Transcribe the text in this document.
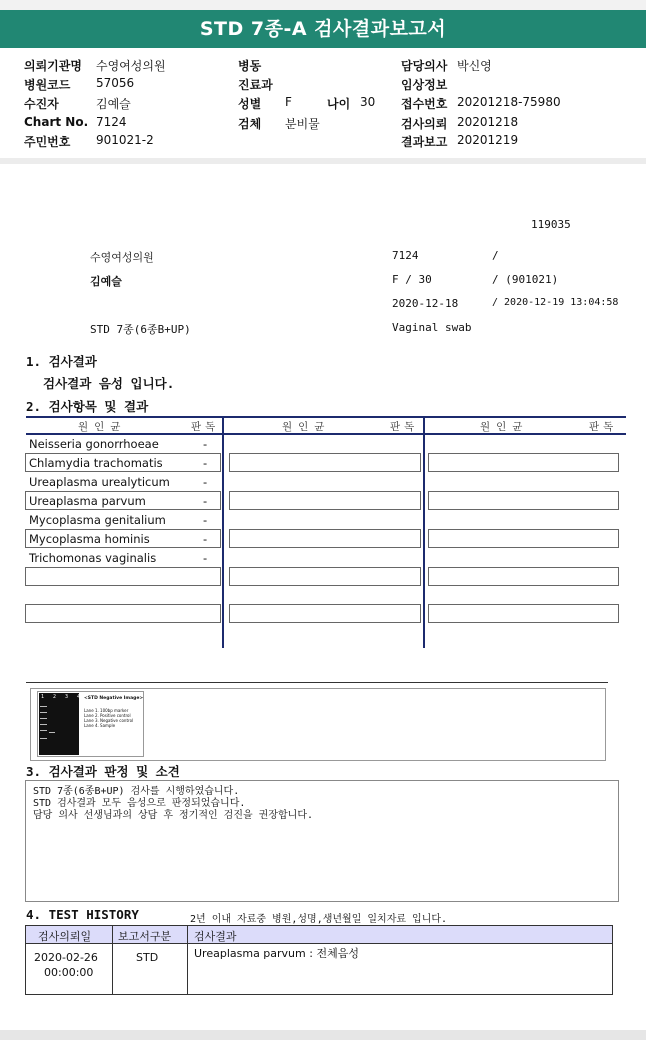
STD 7종-A 검사결과보고서
의뢰기관명 수영여성의원	병동	담당의사 박신영
병원코드 57056	진료과	임상정보
수진자	김예슬	성별 F	나이 30 접수번호 20201218-75980
Chart No. 7124	검체 분비물	검사의뢰 20201218
주민번호 901021-2	결과보고 20201219
119035
수영여성의원	7124	/
김예슬	F / 30	/ (901021)
2020-12-18	/ 2020-12-19 13:04:58
STD 7종(6종B+UP)	Vaginal swab
1. 검사결과
검사결과 음성 입니다.
2. 검사항목 및 결과
원인균	판독	원인균	판독	원인균	판독
Neisseria gonorrhoeae	-
Chlamydia trachomatis	-
Ureaplasma urealyticum	-
Ureaplasma parvum	-
Mycoplasma genitalium	-
Mycoplasma hominis	-
Trichomonas vaginalis	-
1 2 3 4 <STD Negative Image>
Lane 1. 100bp marker
Lane 2. Positive control
Lane 3. Negative control
Lane 4. Sample
3. 검사결과 판정 및 소견
STD 7종(6종B+UP) 검사를 시행하였습니다.
STD 검사결과 모두 음성으로 판정되었습니다.
담당 의사 선생님과의 상담 후 정기적인 검진을 권장합니다.
4. TEST HISTORY	2년 이내 자료중 병원,성명,생년월일 일치자료 입니다.
검사의뢰일 보고서구분 검사결과
2020-02-26
00:00:00
STD	Ureaplasma parvum : 전체음성
